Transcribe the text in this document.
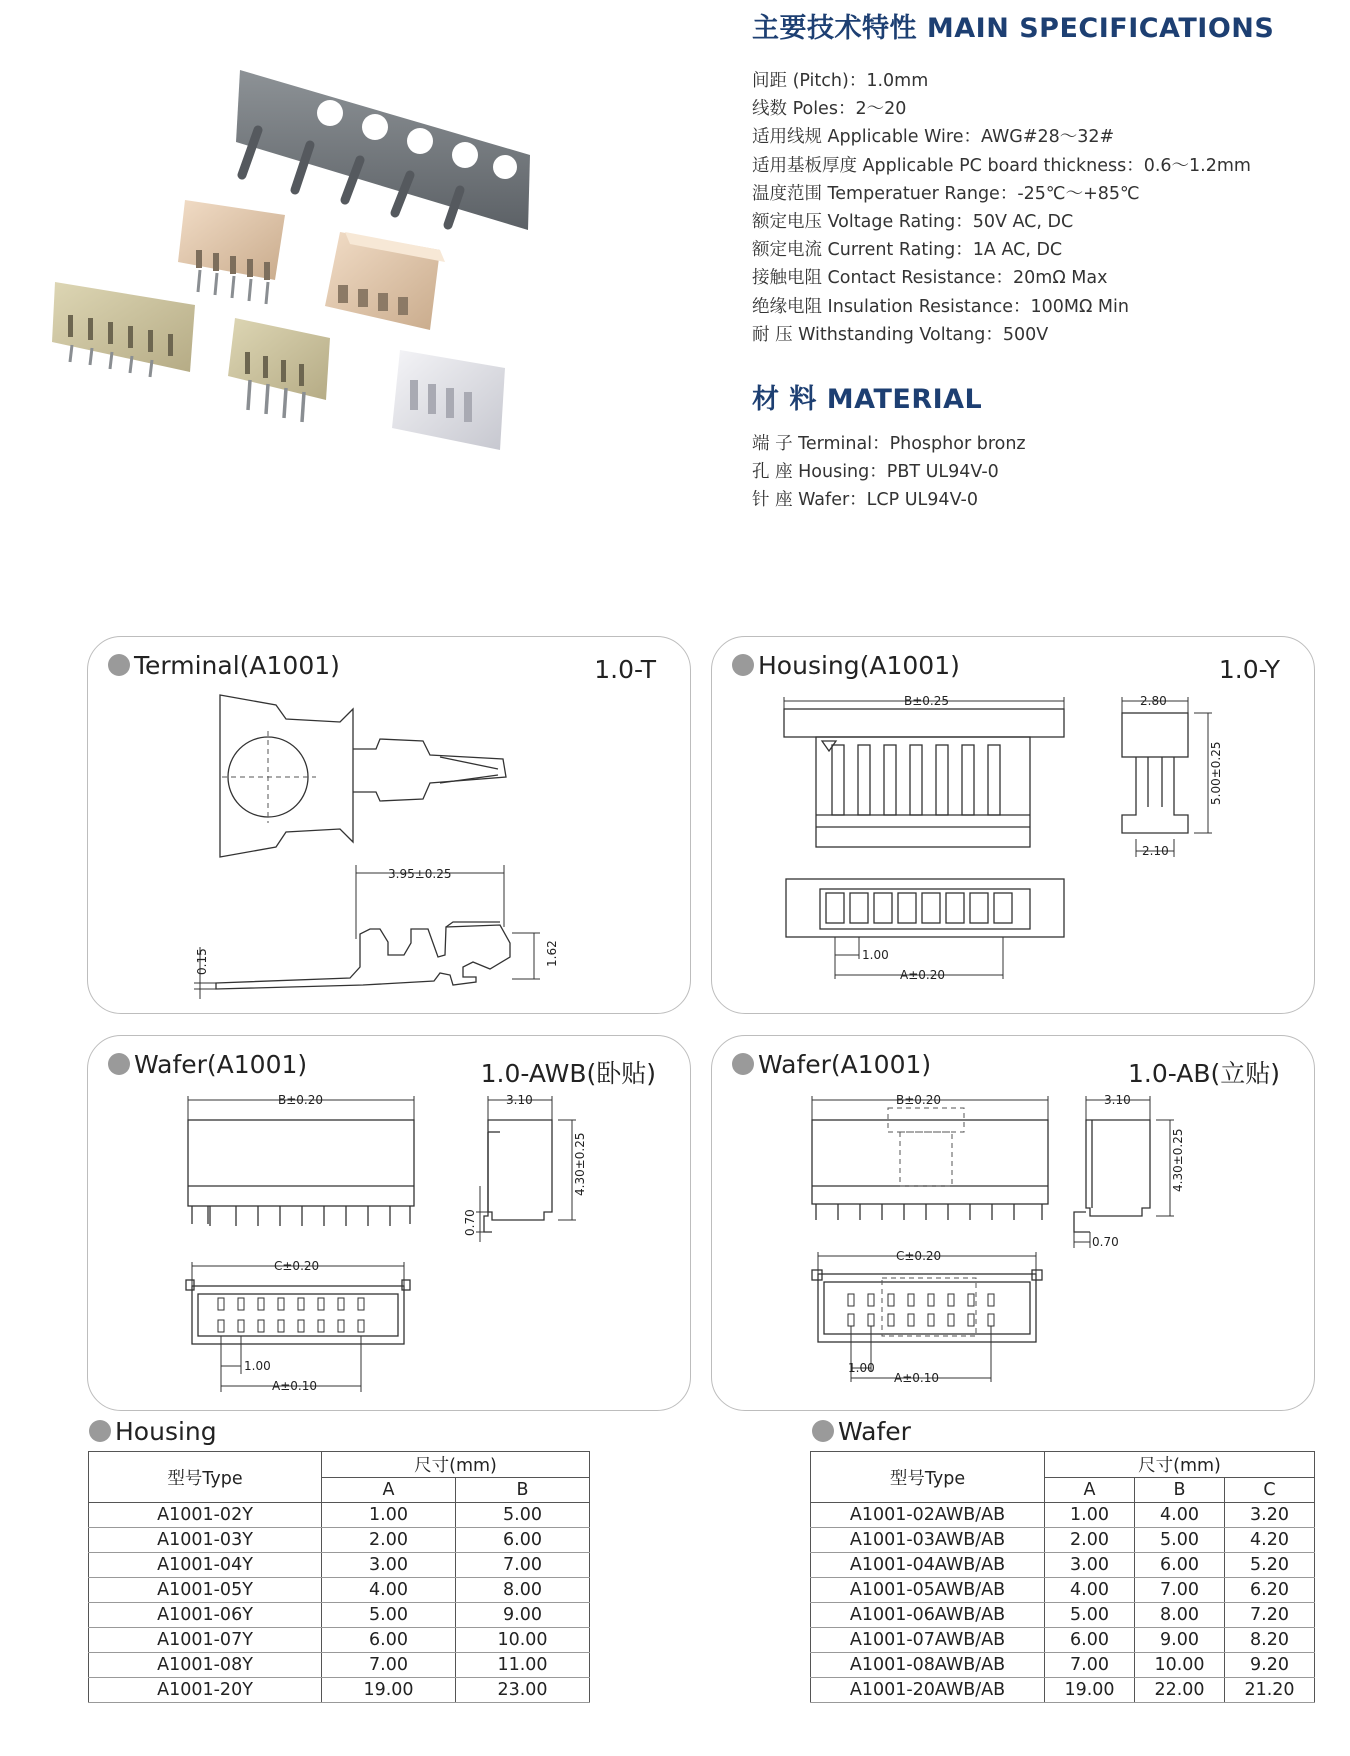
主要技术特性 MAIN SPECIFICATIONS
间距 (Pitch)：1.0mm
线数 Poles：2～20
适用线规 Applicable Wire：AWG#28～32#
适用基板厚度 Applicable PC board thickness：0.6～1.2mm
温度范围 Temperatuer Range：-25℃～+85℃
额定电压 Voltage Rating：50V AC, DC
额定电流 Current Rating：1A AC, DC
接触电阻 Contact Resistance：20mΩ Max
绝缘电阻 Insulation Resistance：100MΩ Min
耐 压 Withstanding Voltang：500V
材 料 MATERIAL
端 子 Terminal：Phosphor bronz
孔 座 Housing：PBT UL94V-0
针 座 Wafer：LCP UL94V-0
Terminal(A1001)	1.0-T
3.95±0.25
1.62
0.15
Housing(A1001)	1.0-Y
B±0.25	2.80
5.00±0.25
2.10
1.00
A±0.20
Wafer(A1001)	1.0-AWB(卧贴)
B±0.20	3.10
4.30±0.25
0.70
C±0.20
1.00
A±0.10
Wafer(A1001)	1.0-AB(立贴)
B±0.20	3.10
4.30±0.25
0.70
C±0.20
1.00
A±0.10
Housing
型号Type	尺寸(mm)	
	A	B
A1001-02Y	1.00	5.00
A1001-03Y	2.00	6.00
A1001-04Y	3.00	7.00
A1001-05Y	4.00	8.00
A1001-06Y	5.00	9.00
A1001-07Y	6.00	10.00
A1001-08Y	7.00	11.00
A1001-20Y	19.00	23.00
Wafer
型号Type	尺寸(mm)		
	A	B	C
A1001-02AWB/AB	1.00	4.00	3.20
A1001-03AWB/AB	2.00	5.00	4.20
A1001-04AWB/AB	3.00	6.00	5.20
A1001-05AWB/AB	4.00	7.00	6.20
A1001-06AWB/AB	5.00	8.00	7.20
A1001-07AWB/AB	6.00	9.00	8.20
A1001-08AWB/AB	7.00	10.00	9.20
A1001-20AWB/AB	19.00	22.00	21.20
